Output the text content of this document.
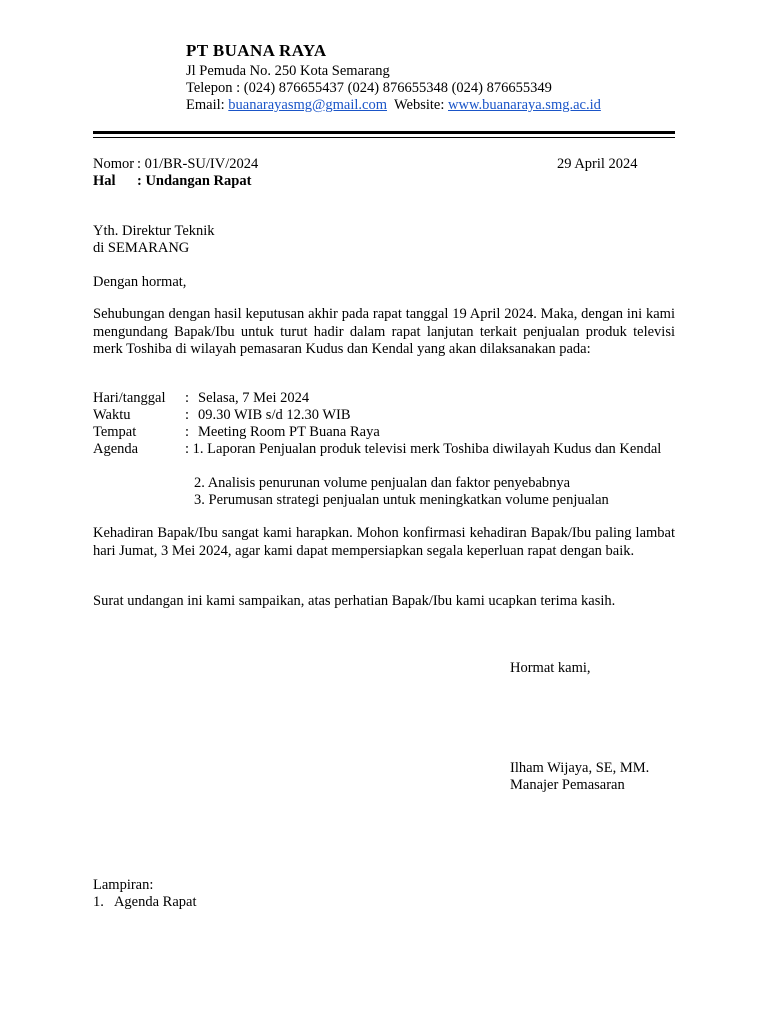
PT BUANA RAYA
Jl Pemuda No. 250 Kota Semarang
Telepon : (024) 876655437 (024) 876655348 (024) 876655349
Email: buanarayasmg@gmail.com Website: www.buanaraya.smg.ac.id
Nomor : 01/BR-SU/IV/2024	29 April 2024
Hal : Undangan Rapat
Yth. Direktur Teknik
di SEMARANG
Dengan hormat,

Sehubungan dengan hasil keputusan akhir pada rapat tanggal 19 April 2024. Maka, dengan ini kami mengundang Bapak/Ibu untuk turut hadir dalam rapat lanjutan terkait penjualan produk televisi merk Toshiba di wilayah pemasaran Kudus dan Kendal yang akan dilaksanakan pada:

Hari/tanggal : Selasa, 7 Mei 2024
Waktu	: 09.30 WIB s/d 12.30 WIB
Tempat	: Meeting Room PT Buana Raya
Agenda	: 1. Laporan Penjualan produk televisi merk Toshiba diwilayah Kudus dan Kendal
2. Analisis penurunan volume penjualan dan faktor penyebabnya
3. Perumusan strategi penjualan untuk meningkatkan volume penjualan

Kehadiran Bapak/Ibu sangat kami harapkan. Mohon konfirmasi kehadiran Bapak/Ibu paling lambat hari Jumat, 3 Mei 2024, agar kami dapat mempersiapkan segala keperluan rapat dengan baik.

Surat undangan ini kami sampaikan, atas perhatian Bapak/Ibu kami ucapkan terima kasih.
Hormat kami,
Ilham Wijaya, SE, MM.
Manajer Pemasaran
Lampiran:
1.   Agenda Rapat
